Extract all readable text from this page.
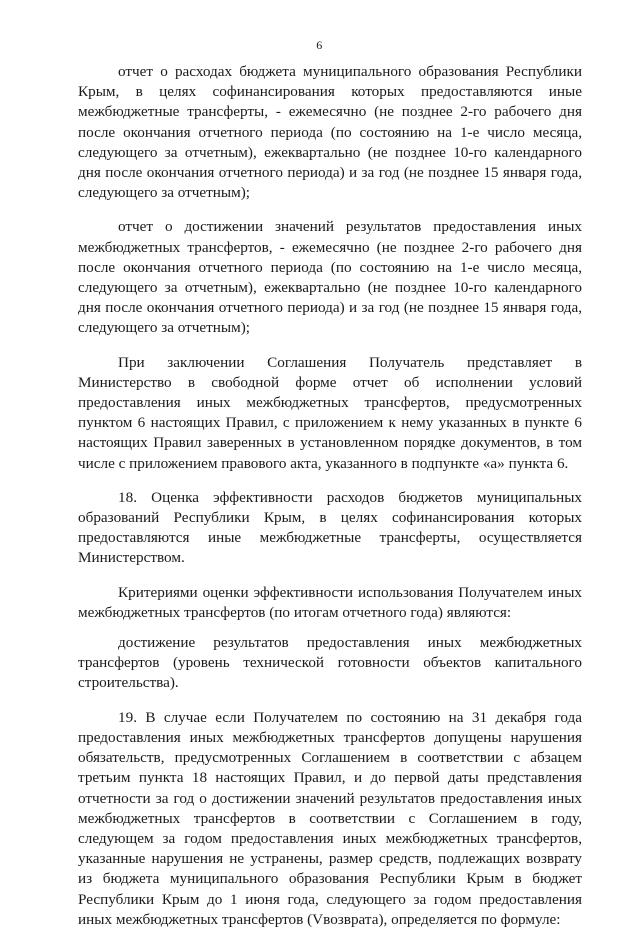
6

отчет о расходах бюджета муниципального образования Республики Крым, в целях софинансирования которых предоставляются иные межбюджетные трансферты, - ежемесячно (не позднее 2-го рабочего дня после окончания отчетного периода (по состоянию на 1-е число месяца, следующего за отчетным), ежеквартально (не позднее 10-го календарного дня после окончания отчетного периода) и за год (не позднее 15 января года, следующего за отчетным);

отчет о достижении значений результатов предоставления иных межбюджетных трансфертов, - ежемесячно (не позднее 2-го рабочего дня после окончания отчетного периода (по состоянию на 1-е число месяца, следующего за отчетным), ежеквартально (не позднее 10-го календарного дня после окончания отчетного периода) и за год (не позднее 15 января года, следующего за отчетным);

При заключении Соглашения Получатель представляет в Министерство в свободной форме отчет об исполнении условий предоставления иных межбюджетных трансфертов, предусмотренных пунктом 6 настоящих Правил, с приложением к нему указанных в пункте 6 настоящих Правил заверенных в установленном порядке документов, в том числе с приложением правового акта, указанного в подпункте «а» пункта 6.

18. Оценка эффективности расходов бюджетов муниципальных образований Республики Крым, в целях софинансирования которых предоставляются иные межбюджетные трансферты, осуществляется Министерством.

Критериями оценки эффективности использования Получателем иных межбюджетных трансфертов (по итогам отчетного года) являются:

достижение результатов предоставления иных межбюджетных трансфертов (уровень технической готовности объектов капитального строительства).

19. В случае если Получателем по состоянию на 31 декабря года предоставления иных межбюджетных трансфертов допущены нарушения обязательств, предусмотренных Соглашением в соответствии с абзацем третьим пункта 18 настоящих Правил, и до первой даты представления отчетности за год о достижении значений результатов предоставления иных межбюджетных трансфертов в соответствии с Соглашением в году, следующем за годом предоставления иных межбюджетных трансфертов, указанные нарушения не устранены, размер средств, подлежащих возврату из бюджета муниципального образования Республики Крым в бюджет Республики Крым до 1 июня года, следующего за годом предоставления иных межбюджетных трансфертов (Vвозврата), определяется по формуле:
